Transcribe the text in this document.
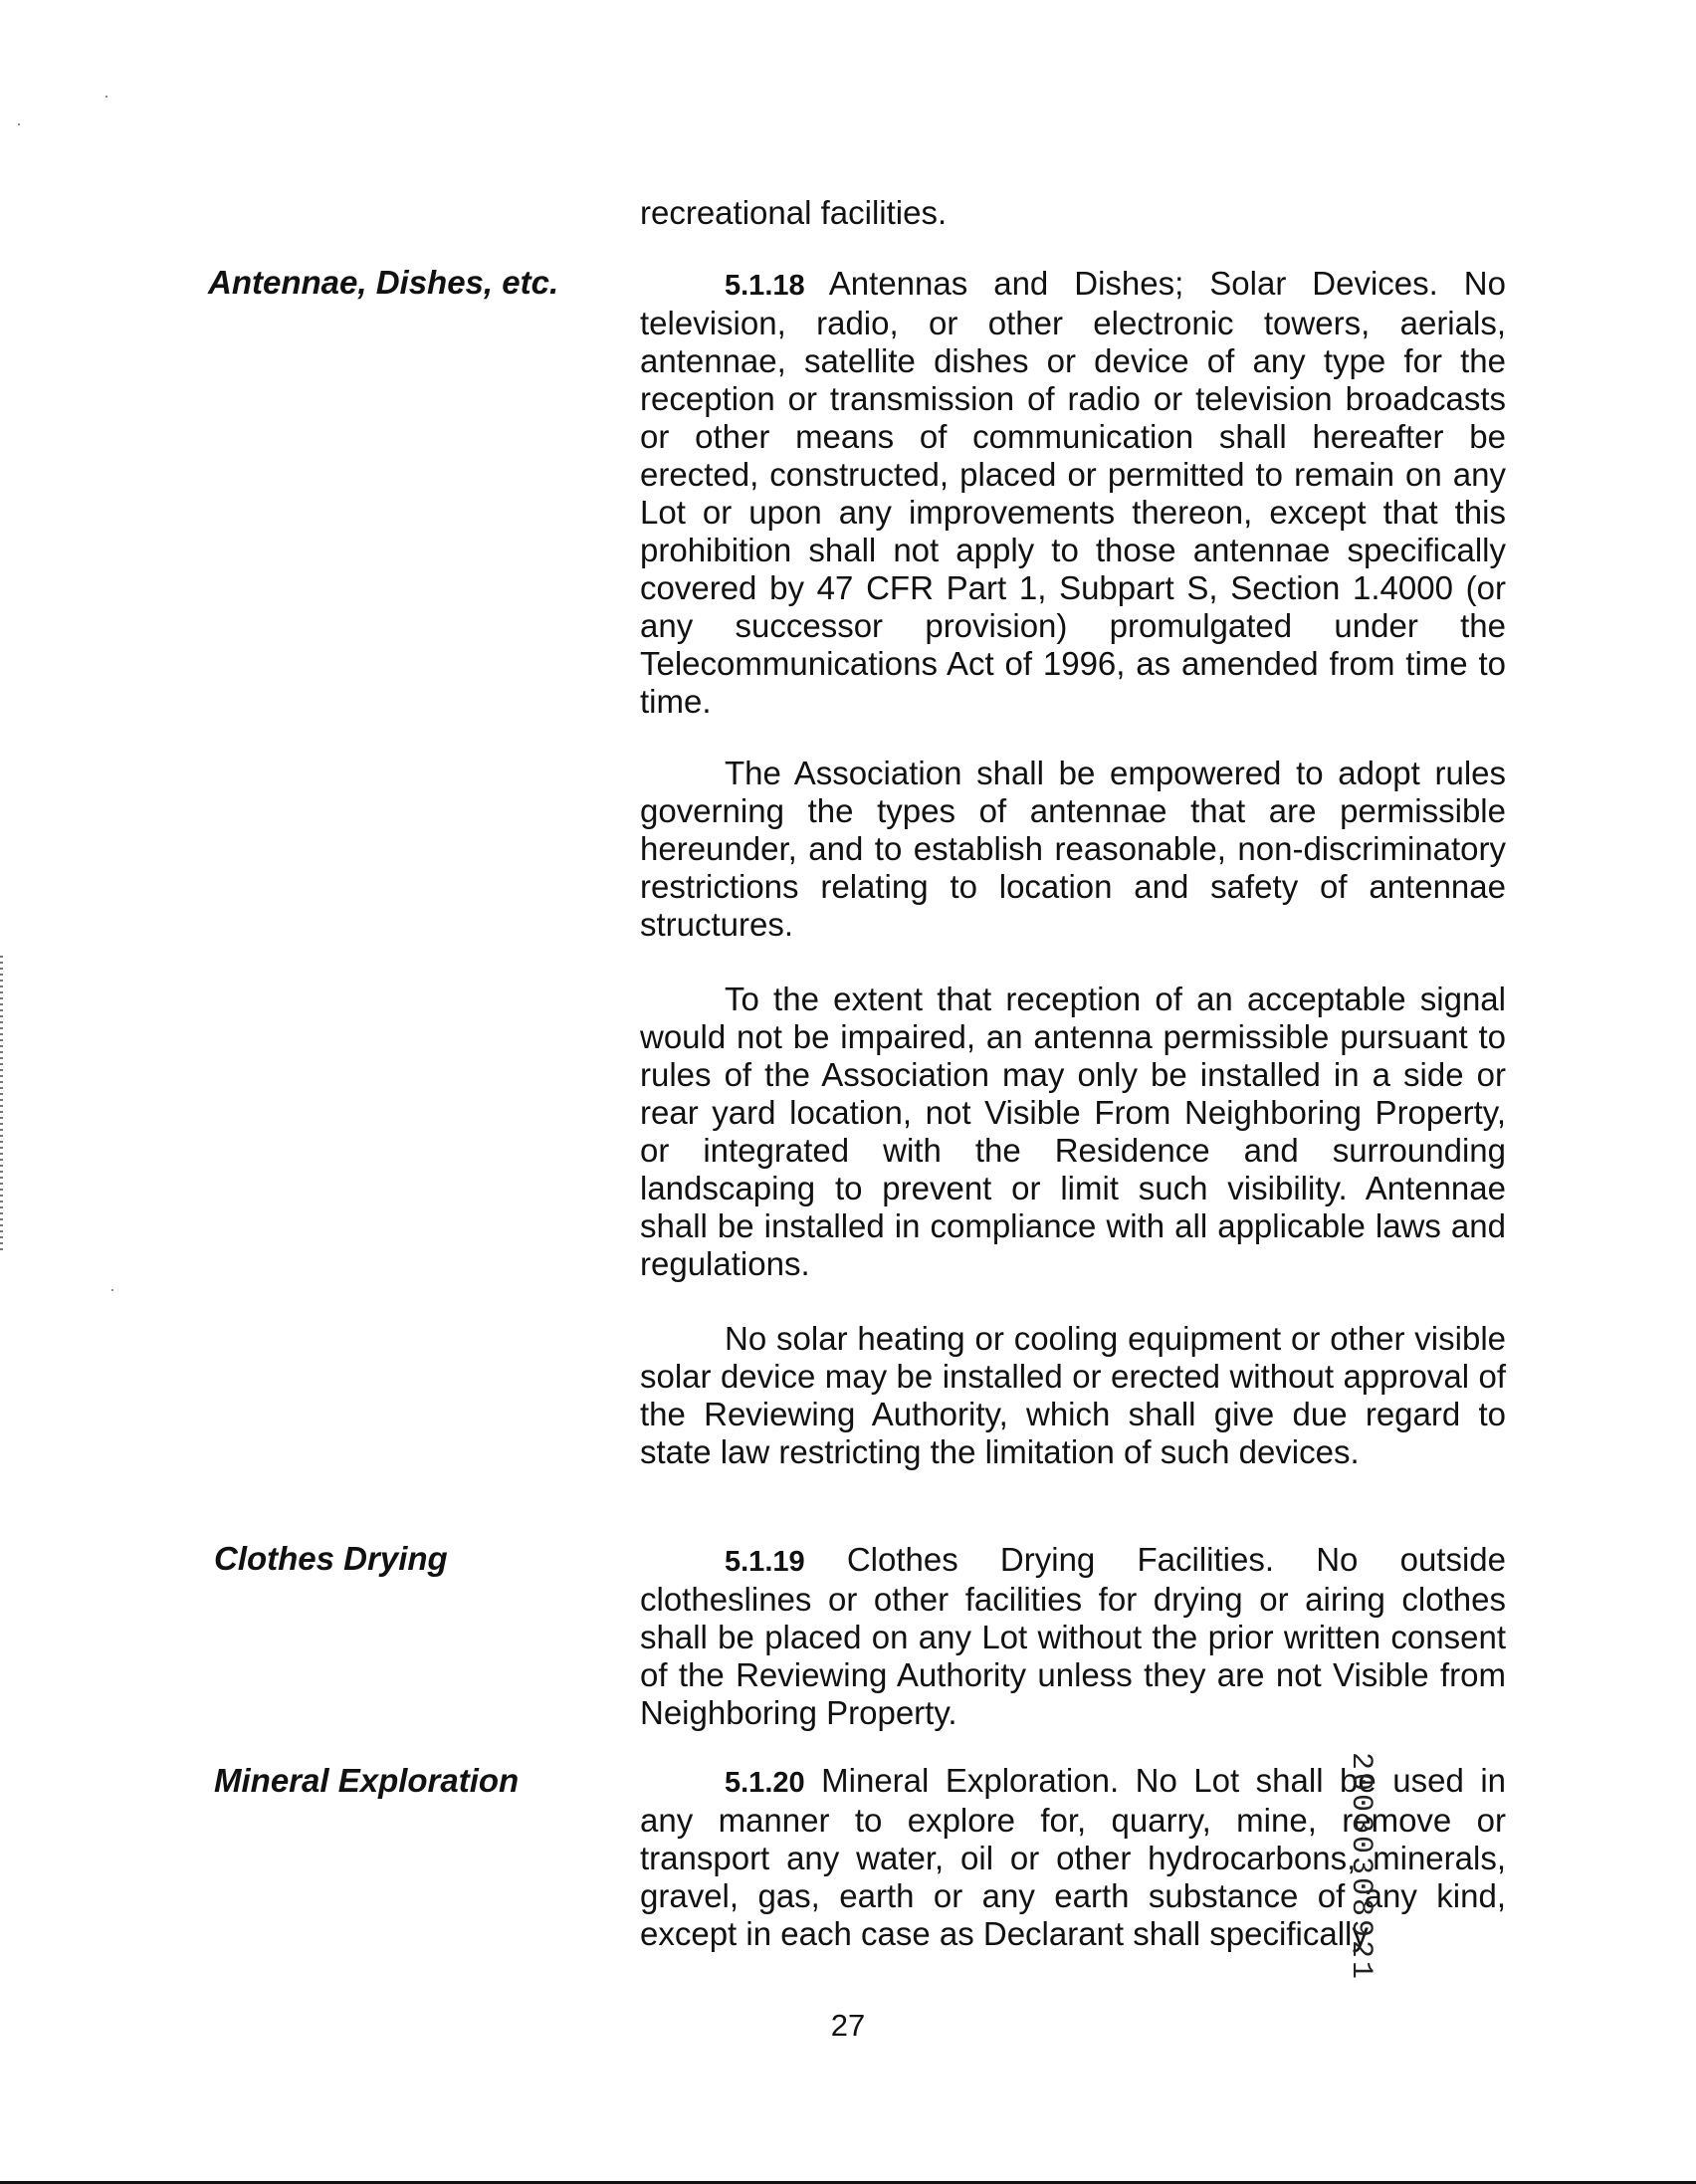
recreational facilities.
Antennae, Dishes, etc.	5.1.18 Antennas and Dishes; Solar Devices. No television, radio, or other electronic towers, aerials, antennae, satellite dishes or device of any type for the reception or transmission of radio or television broadcasts or other means of communication shall hereafter be erected, constructed, placed or permitted to remain on any Lot or upon any improvements thereon, except that this prohibition shall not apply to those antennae specifically covered by 47 CFR Part 1, Subpart S, Section 1.4000 (or any successor provision) promulgated under the Telecommunications Act of 1996, as amended from time to time.
The Association shall be empowered to adopt rules governing the types of antennae that are permissible hereunder, and to establish reasonable, non-discriminatory restrictions relating to location and safety of antennae structures.
To the extent that reception of an acceptable signal would not be impaired, an antenna permissible pursuant to rules of the Association may only be installed in a side or rear yard location, not Visible From Neighboring Property, or integrated with the Residence and surrounding landscaping to prevent or limit such visibility. Antennae shall be installed in compliance with all applicable laws and regulations.
No solar heating or cooling equipment or other visible solar device may be installed or erected without approval of the Reviewing Authority, which shall give due regard to state law restricting the limitation of such devices.
Clothes Drying	5.1.19 Clothes Drying Facilities. No outside clotheslines or other facilities for drying or airing clothes shall be placed on any Lot without the prior written consent of the Reviewing Authority unless they are not Visible from Neighboring Property.
Mineral Exploration	5.1.20 Mineral Exploration. No Lot shall be used in any manner to explore for, quarry, mine, remove or transport any water, oil or other hydrocarbons, minerals, gravel, gas, earth or any earth substance of any kind, except in each case as Declarant shall specifically
27
20030308921
